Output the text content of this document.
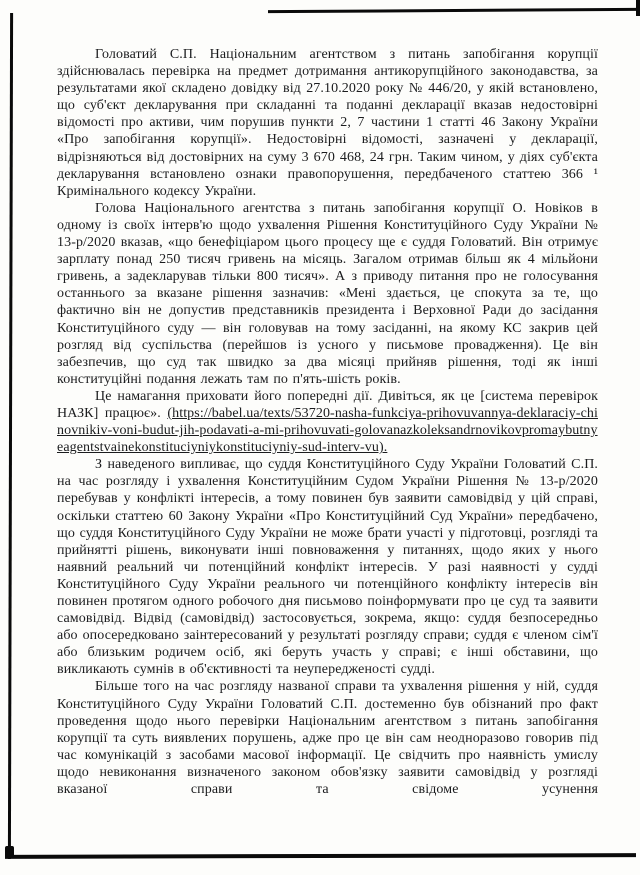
Головатий С.П. Національним агентством з питань запобігання корупції здійснювалась перевірка на предмет дотримання антикорупційного законодавства, за результатами якої складено довідку від 27.10.2020 року № 446/20, у якій встановлено, що суб'єкт декларування при складанні та поданні декларації вказав недостовірні відомості про активи, чим порушив пункти 2, 7 частини 1 статті 46 Закону України «Про запобігання корупції». Недостовірні відомості, зазначені у декларації, відрізняються від достовірних на суму 3 670 468, 24 грн. Таким чином, у діях суб'єкта декларування встановлено ознаки правопорушення, передбаченого статтею 366 ¹ Кримінального кодексу України.

Голова Національного агентства з питань запобігання корупції О. Новіков в одному із своїх інтерв'ю щодо ухвалення Рішення Конституційного Суду України № 13-р/2020 вказав, «що бенефіціаром цього процесу ще є суддя Головатий. Він отримує зарплату понад 250 тисяч гривень на місяць. Загалом отримав більш як 4 мільйони гривень, а задекларував тільки 800 тисяч». А з приводу питання про не голосування останнього за вказане рішення зазначив: «Мені здається, це спокута за те, що фактично він не допустив представників президента і Верховної Ради до засідання Конституційного суду — він головував на тому засіданні, на якому КС закрив цей розгляд від суспільства (перейшов із усного у письмове провадження). Це він забезпечив, що суд так швидко за два місяці прийняв рішення, тоді як інші конституційні подання лежать там по п'ять-шість років.

Це намагання приховати його попередні дії. Дивіться, як це [система перевірок НАЗК] працює». (https://babel.ua/texts/53720-nasha-funkciya-prihovuvannya-deklaraciy-chinovnikiv-voni-budut-jih-podavati-a-mi-prihovuvati-golovanazkoleksandrnovikovpromaybutnyeagentstvainekonstituciyniykonstituciyniy-sud-interv-vu).

З наведеного випливає, що суддя Конституційного Суду України Головатий С.П. на час розгляду і ухвалення Конституційним Судом України Рішення № 13-р/2020 перебував у конфлікті інтересів, а тому повинен був заявити самовідвід у цій справі, оскільки статтею 60 Закону України «Про Конституційний Суд України» передбачено, що суддя Конституційного Суду України не може брати участі у підготовці, розгляді та прийнятті рішень, виконувати інші повноваження у питаннях, щодо яких у нього наявний реальний чи потенційний конфлікт інтересів. У разі наявності у судді Конституційного Суду України реального чи потенційного конфлікту інтересів він повинен протягом одного робочого дня письмово поінформувати про це суд та заявити самовідвід. Відвід (самовідвід) застосовується, зокрема, якщо: суддя безпосередньо або опосередковано заінтересований у результаті розгляду справи; суддя є членом сім'ї або близьким родичем осіб, які беруть участь у справі; є інші обставини, що викликають сумнів в об'єктивності та неупередженості судді.

Більше того на час розгляду названої справи та ухвалення рішення у ній, суддя Конституційного Суду України Головатий С.П. достеменно був обізнаний про факт проведення щодо нього перевірки Національним агентством з питань запобігання корупції та суть виявлених порушень, адже про це він сам неодноразово говорив під час комунікацій з засобами масової інформації. Це свідчить про наявність умислу щодо невиконання визначеного законом обов'язку заявити самовідвід у розгляді вказаної справи та свідоме усунення
